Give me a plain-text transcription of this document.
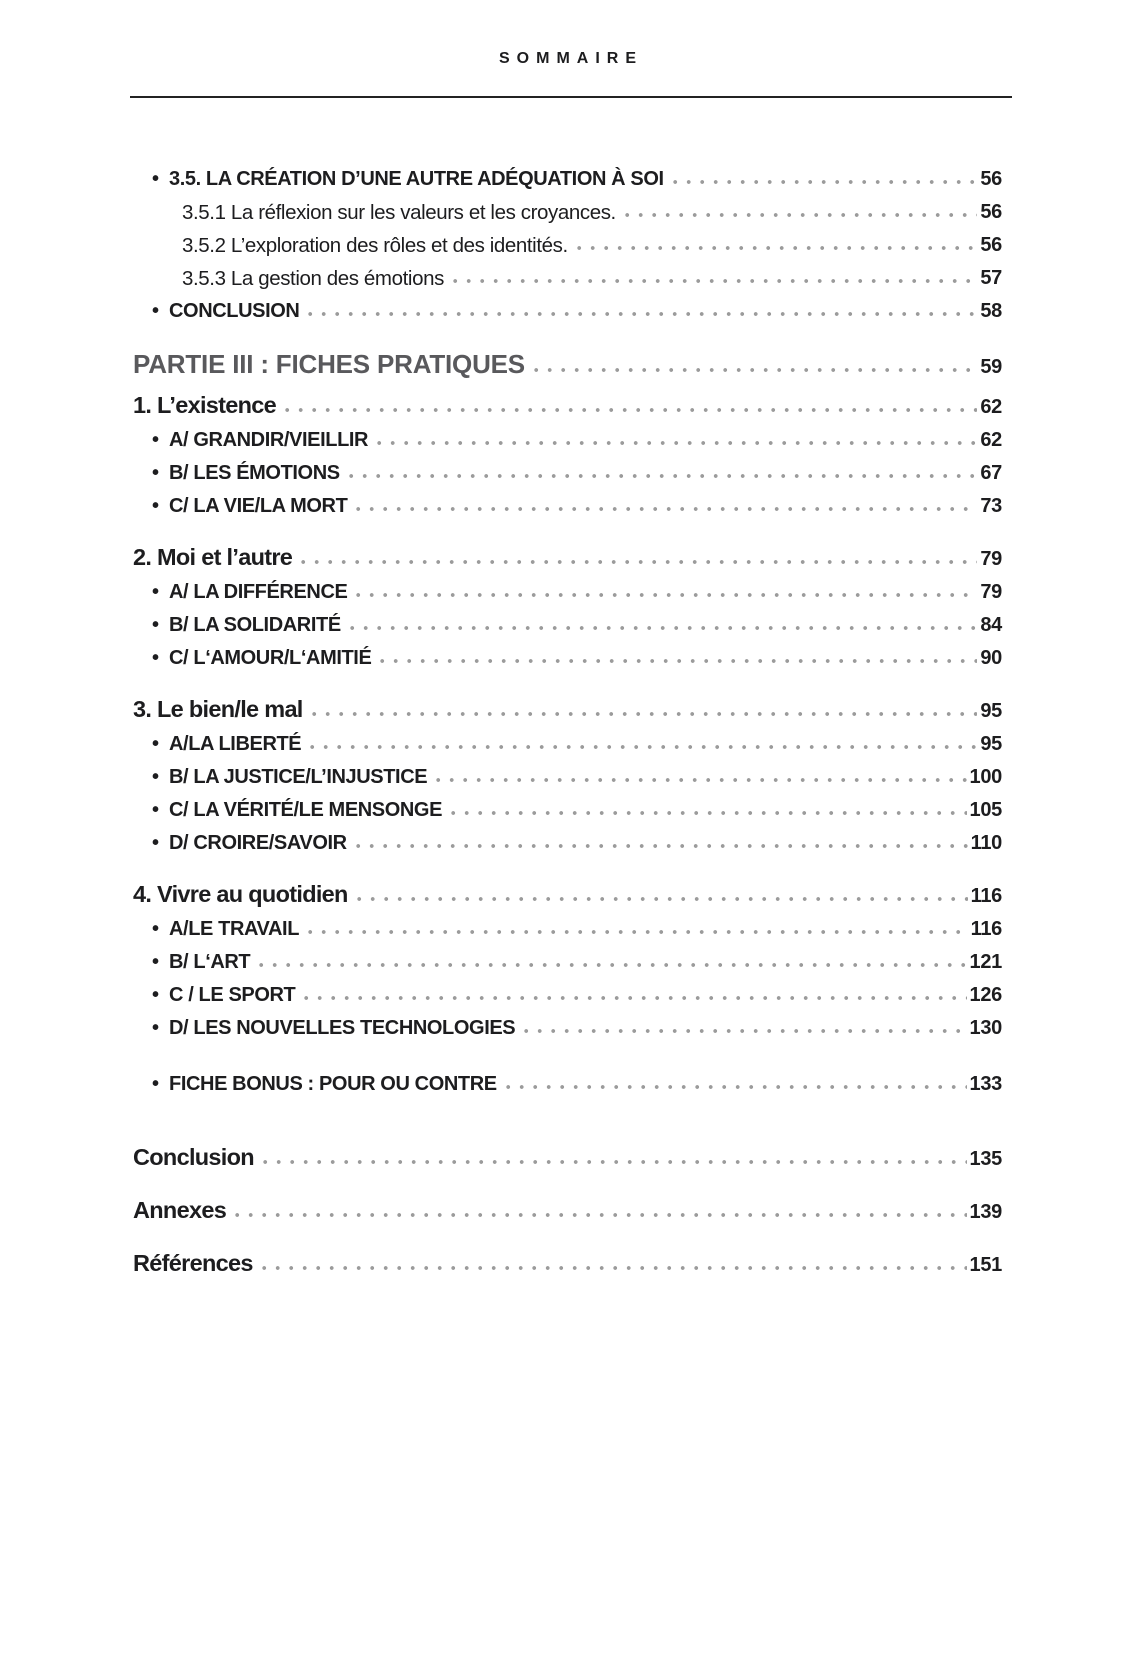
SOMMAIRE
• 3.5. LA CRÉATION D’UNE AUTRE ADÉQUATION À SOI	56
3.5.1 La réflexion sur les valeurs et les croyances.	56
3.5.2 L’exploration des rôles et des identités.	56
3.5.3 La gestion des émotions	57
• CONCLUSION	58
PARTIE III : FICHES PRATIQUES	59
1. L’existence	62
• A/ GRANDIR/VIEILLIR	62
• B/ LES ÉMOTIONS	67
• C/ LA VIE/LA MORT	73
2. Moi et l’autre	79
• A/ LA DIFFÉRENCE	79
• B/ LA SOLIDARITÉ	84
• C/ L‘AMOUR/L‘AMITIÉ	90
3. Le bien/le mal	95
• A/LA LIBERTÉ	95
• B/ LA JUSTICE/L’INJUSTICE	100
• C/ LA VÉRITÉ/LE MENSONGE	105
• D/ CROIRE/SAVOIR	110
4. Vivre au quotidien	116
• A/LE TRAVAIL	116
• B/ L‘ART	121
• C / LE SPORT	126
• D/ LES NOUVELLES TECHNOLOGIES	130
• FICHE BONUS : POUR OU CONTRE	133
Conclusion	135
Annexes	139
Références	151
